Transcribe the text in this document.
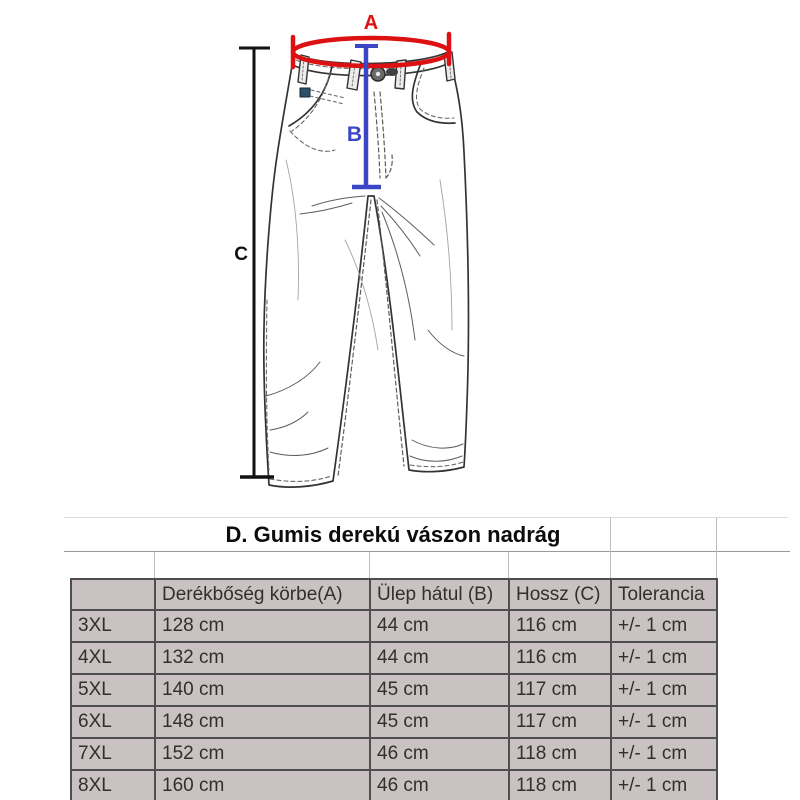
C
A
B
D. Gumis derekú vászon nadrág
	Derékbőség körbe(A)	Ülep hátul (B)	Hossz (C)	Tolerancia
3XL	128 cm	44 cm	116 cm	+/- 1 cm
4XL	132 cm	44 cm	116 cm	+/- 1 cm
5XL	140 cm	45 cm	117 cm	+/- 1 cm
6XL	148 cm	45 cm	117 cm	+/- 1 cm
7XL	152 cm	46 cm	118 cm	+/- 1 cm
8XL	160 cm	46 cm	118 cm	+/- 1 cm
